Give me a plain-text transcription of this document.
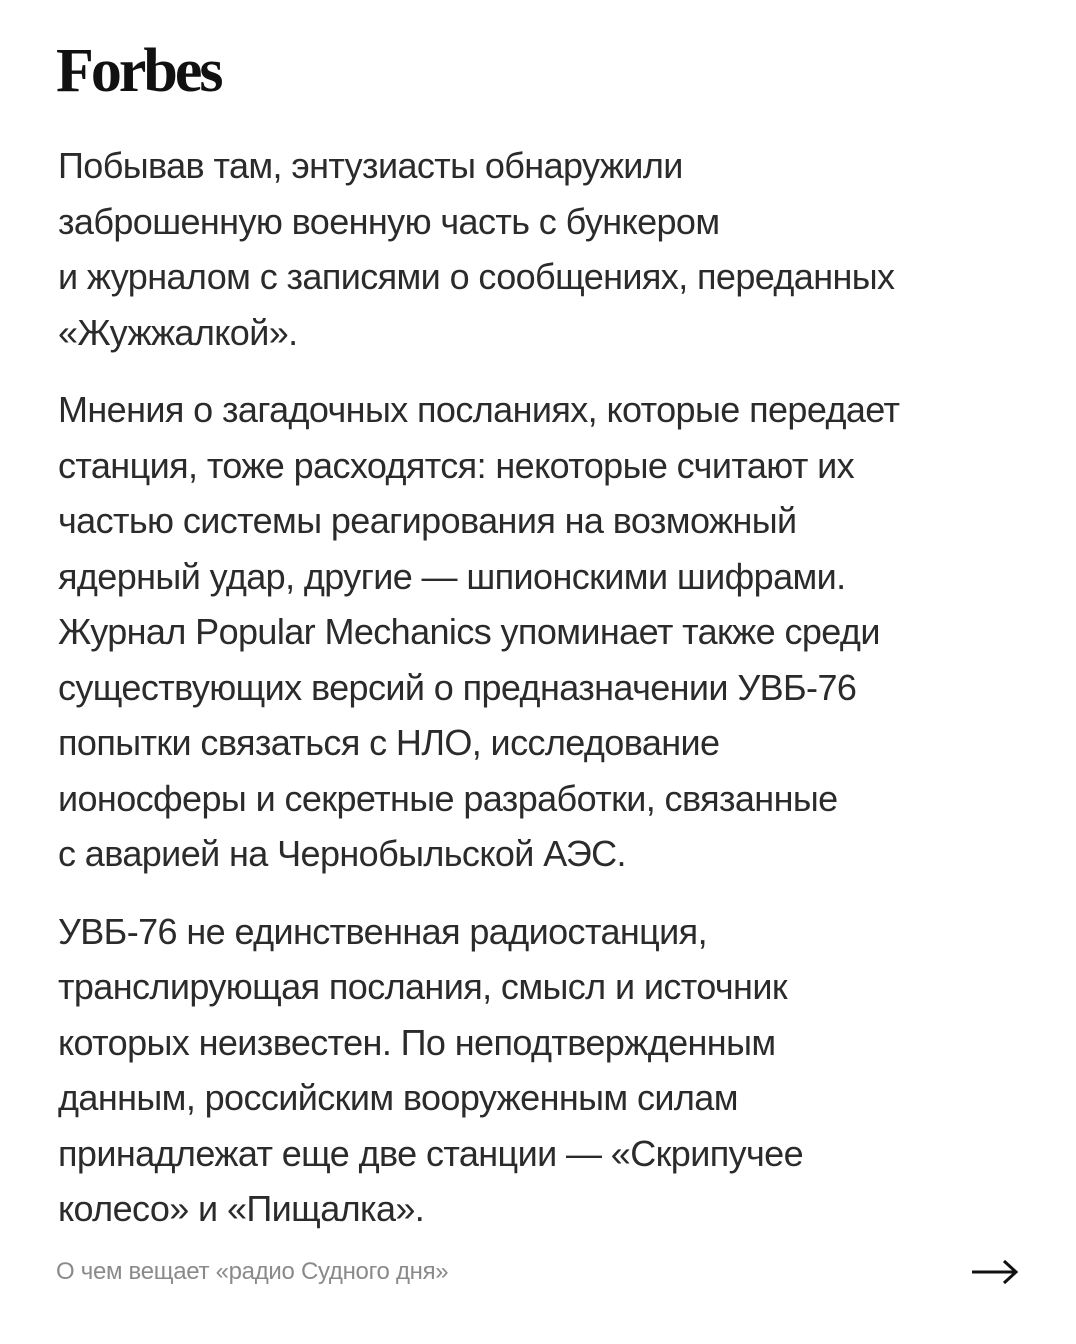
Forbes

Побывав там, энтузиасты обнаружили
заброшенную военную часть с бункером
и журналом с записями о сообщениях, переданных
«Жужжалкой».

Мнения о загадочных посланиях, которые передает
станция, тоже расходятся: некоторые считают их
частью системы реагирования на возможный
ядерный удар, другие — шпионскими шифрами.
Журнал Popular Mechanics упоминает также среди
существующих версий о предназначении УВБ-76
попытки связаться с НЛО, исследование
ионосферы и секретные разработки, связанные
с аварией на Чернобыльской АЭС.

УВБ-76 не единственная радиостанция,
транслирующая послания, смысл и источник
которых неизвестен. По неподтвержденным
данным, российским вооруженным силам
принадлежат еще две станции — «Скрипучее
колесо» и «Пищалка».

О чем вещает «радио Судного дня»
